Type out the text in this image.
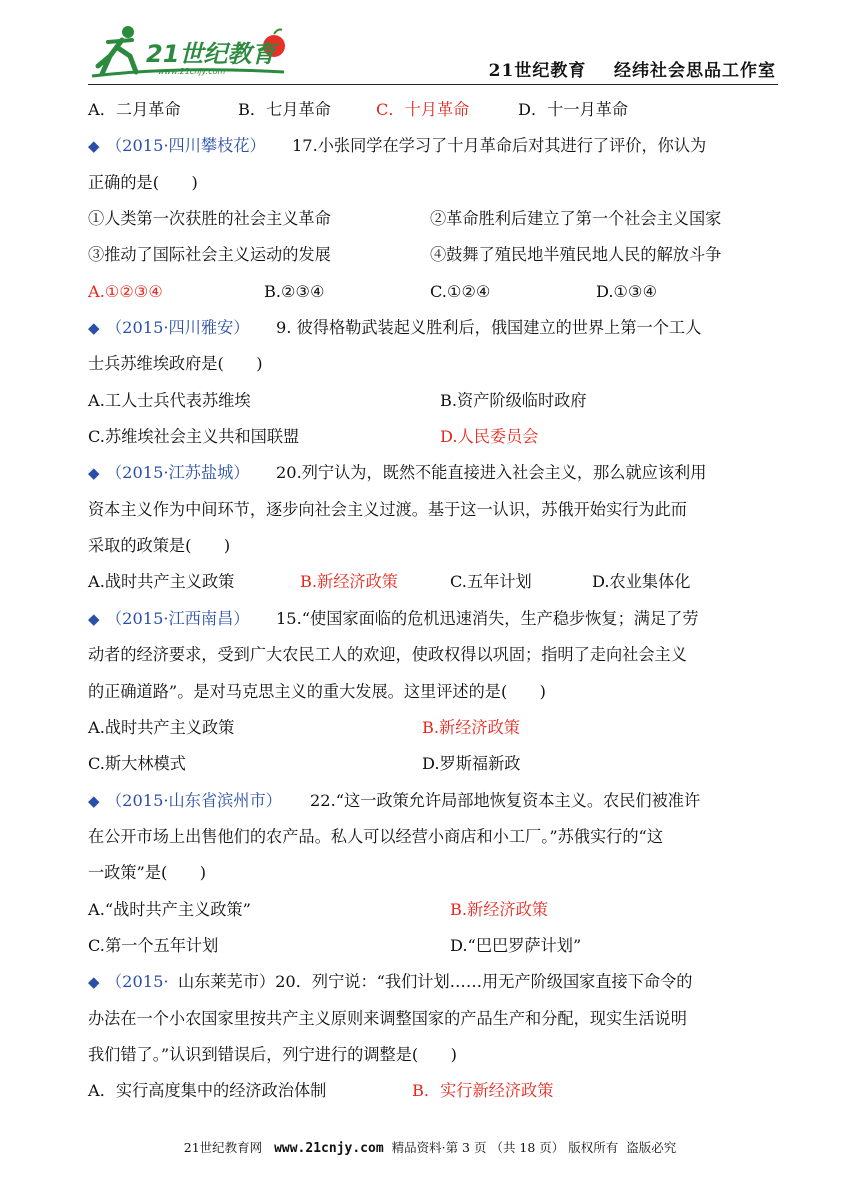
21世纪教育
www.21cnjy.com	21世纪教育    经纬社会思品工作室
A．二月革命	B．七月革命	C．十月革命	D．十一月革命
◆ （2015·四川攀枝花） 17.小张同学在学习了十月革命后对其进行了评价，你认为
正确的是(　　)
①人类第一次获胜的社会主义革命	②革命胜利后建立了第一个社会主义国家
③推动了国际社会主义运动的发展	④鼓舞了殖民地半殖民地人民的解放斗争
A.①②③④	B.②③④	C.①②④	D.①③④
◆ （2015·四川雅安） 9. 彼得格勒武装起义胜利后，俄国建立的世界上第一个工人
士兵苏维埃政府是(　　)
A.工人士兵代表苏维埃	B.资产阶级临时政府
C.苏维埃社会主义共和国联盟	D.人民委员会
◆ （2015·江苏盐城） 20.列宁认为，既然不能直接进入社会主义，那么就应该利用
资本主义作为中间环节，逐步向社会主义过渡。基于这一认识，苏俄开始实行为此而
采取的政策是(　　)
A.战时共产主义政策	B.新经济政策	C.五年计划	D.农业集体化
◆ （2015·江西南昌） 15.“使国家面临的危机迅速消失，生产稳步恢复；满足了劳
动者的经济要求，受到广大农民工人的欢迎，使政权得以巩固；指明了走向社会主义
的正确道路”。是对马克思主义的重大发展。这里评述的是(　　)
A.战时共产主义政策	B.新经济政策
C.斯大林模式	D.罗斯福新政
◆ （2015·山东省滨州市） 22.“这一政策允许局部地恢复资本主义。农民们被准许
在公开市场上出售他们的农产品。私人可以经营小商店和小工厂。”苏俄实行的“这
一政策”是(　　)
A.“战时共产主义政策”	B.新经济政策
C.第一个五年计划	D.“巴巴罗萨计划”
◆ （2015· 山东莱芜市）20．列宁说：“我们计划……用无产阶级国家直接下命令的
办法在一个小农国家里按共产主义原则来调整国家的产品生产和分配，现实生活说明
我们错了。”认识到错误后，列宁进行的调整是(　　)
A．实行高度集中的经济政治体制	B．实行新经济政策
21世纪教育网   www.21cnjy.com  精品资料·第 3 页 （共 18 页） 版权所有  盗版必究
